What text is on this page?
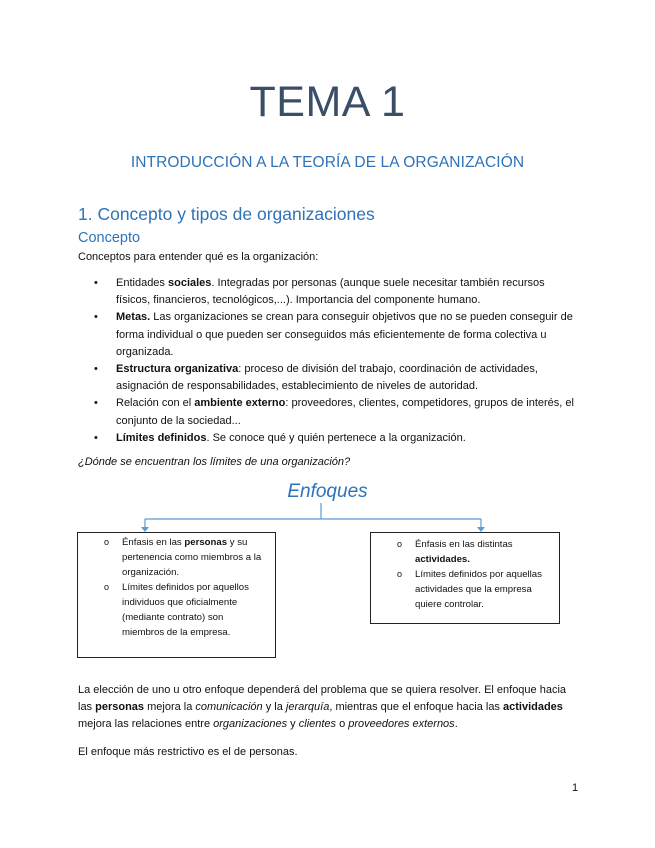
TEMA 1
INTRODUCCIÓN A LA TEORÍA DE LA ORGANIZACIÓN
1. Concepto y tipos de organizaciones
Concepto
Conceptos para entender qué es la organización:
• Entidades sociales. Integradas por personas (aunque suele necesitar también recursos físicos, financieros, tecnológicos,...). Importancia del componente humano.
• Metas. Las organizaciones se crean para conseguir objetivos que no se pueden conseguir de forma individual o que pueden ser conseguidos más eficientemente de forma colectiva u organizada.
• Estructura organizativa: proceso de división del trabajo, coordinación de actividades, asignación de responsabilidades, establecimiento de niveles de autoridad.
• Relación con el ambiente externo: proveedores, clientes, competidores, grupos de interés, el conjunto de la sociedad...
• Límites definidos. Se conoce qué y quién pertenece a la organización.
¿Dónde se encuentran los límites de una organización?
Enfoques
o Énfasis en las personas y su pertenencia como miembros a la organización.
o Límites definidos por aquellos individuos que oficialmente (mediante contrato) son miembros de la empresa.
o Énfasis en las distintas actividades.
o Límites definidos por aquellas actividades que la empresa quiere controlar.
La elección de uno u otro enfoque dependerá del problema que se quiera resolver. El enfoque hacia las personas mejora la comunicación y la jerarquía, mientras que el enfoque hacia las actividades mejora las relaciones entre organizaciones y clientes o proveedores externos.
El enfoque más restrictivo es el de personas.
1
